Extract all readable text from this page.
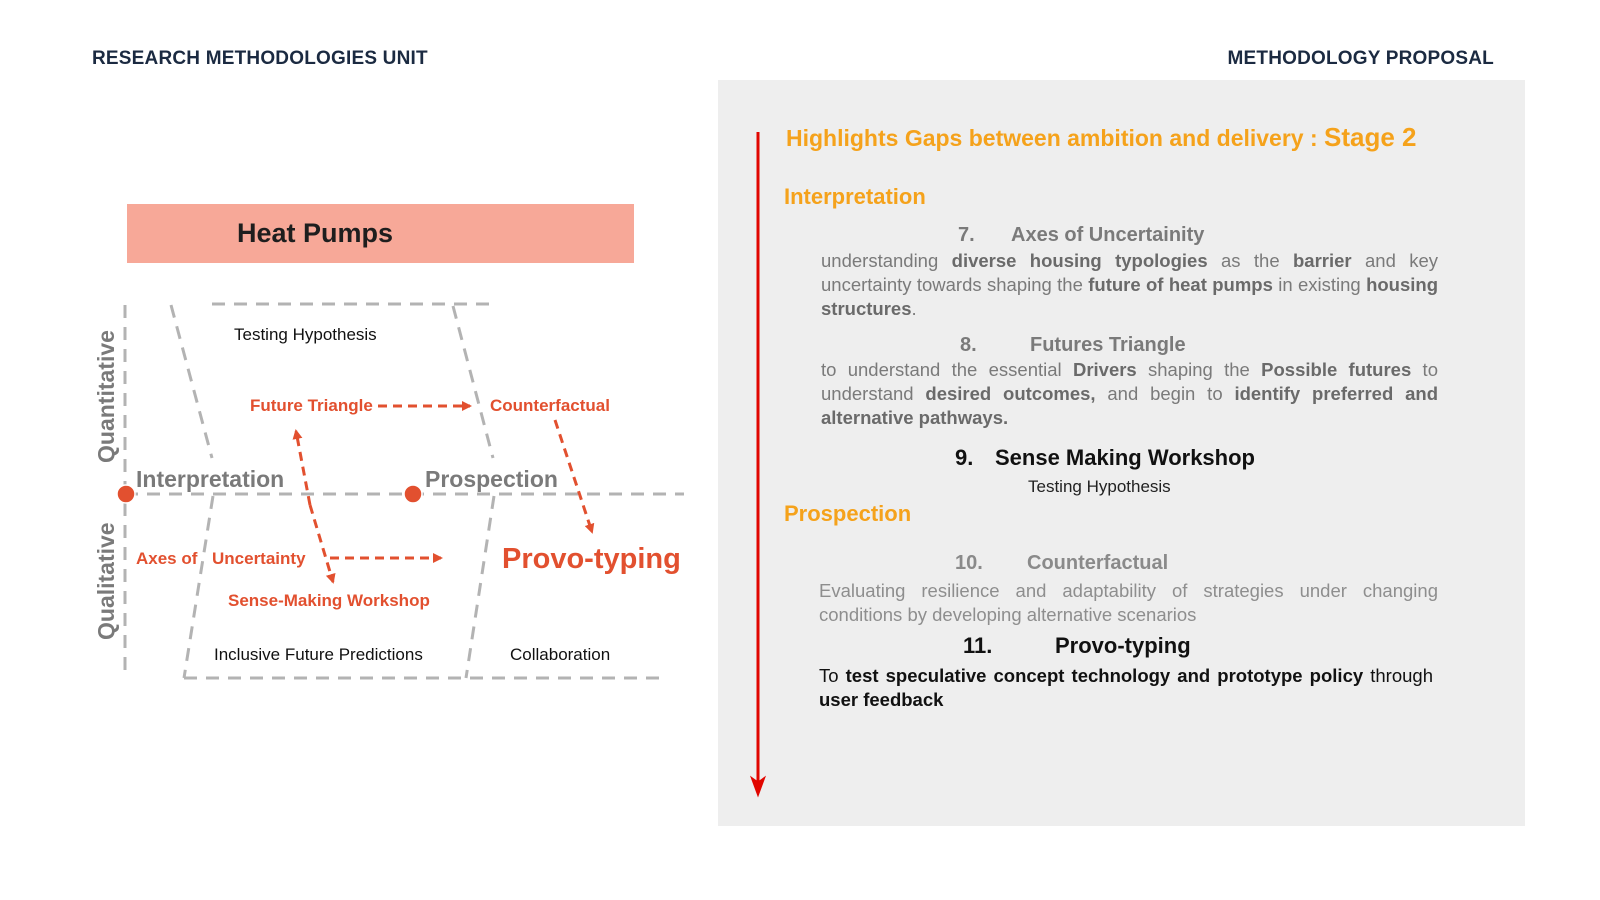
RESEARCH METHODOLOGIES UNIT	METHODOLOGY PROPOSAL
Heat Pumps
Quantitative
Qualitative
Testing Hypothesis
Future Triangle	Counterfactual
Interpretation	Prospection
Axes of Uncertainty
Sense-Making Workshop
Provo-typing
Inclusive Future Predictions	Collaboration
Highlights Gaps between ambition and delivery : Stage 2
Interpretation
7. Axes of Uncertainity
understanding diverse housing typologies as the barrier and key uncertainty towards shaping the future of heat pumps in existing housing structures.
8.	Futures Triangle
to understand the essential Drivers shaping the Possible futures to understand desired outcomes, and begin to identify preferred and alternative pathways.
9. Sense Making Workshop
Testing Hypothesis
Prospection
10. Counterfactual
Evaluating resilience and adaptability of strategies under changing conditions by developing alternative scenarios
11.	Provo-typing
To test speculative concept technology and prototype policy through user feedback
